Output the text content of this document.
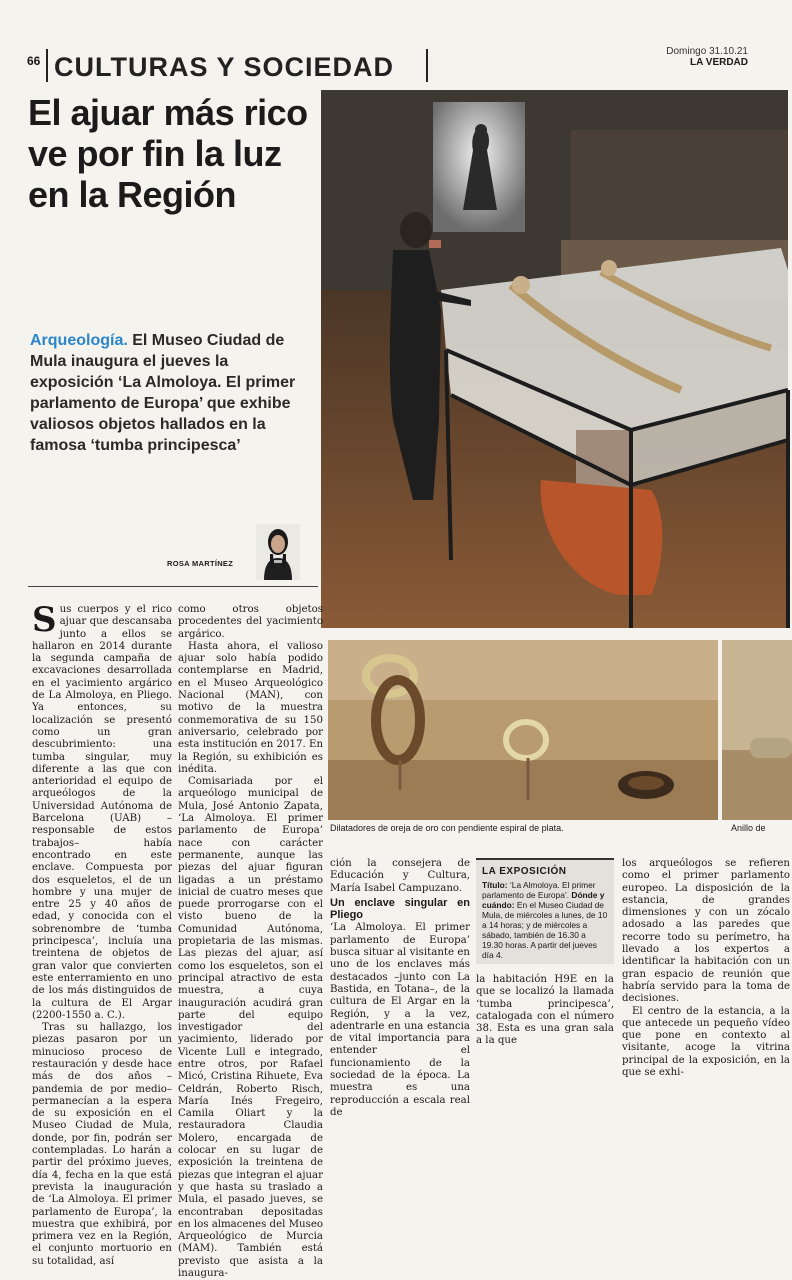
66 CULTURAS Y SOCIEDAD
Domingo 31.10.21
LA VERDAD
El ajuar más rico ve por fin la luz en la Región
Arqueología. El Museo Ciudad de Mula inaugura el jueves la exposición ‘La Almoloya. El primer parlamento de Europa’ que exhibe valiosos objetos hallados en la famosa ‘tumba principesca’
ROSA MARTÍNEZ
Dilatadores de oreja de oro con pendiente espiral de plata.	Anillo de

Sus cuerpos y el rico ajuar que descansaba junto a ellos se hallaron en 2014 durante la segunda campaña de excavaciones desarrollada en el yacimiento argárico de La Almoloya, en Pliego. Ya entonces, su localización se presentó como un gran descubrimiento: una tumba singular, muy diferente a las que con anterioridad el equipo de arqueólogos de la Universidad Autónoma de Barcelona (UAB) –responsable de estos trabajos– había encontrado en este enclave. Compuesta por dos esqueletos, el de un hombre y una mujer de entre 25 y 40 años de edad, y conocida con el sobrenombre de ‘tumba principesca’, incluía una treintena de objetos de gran valor que convierten este enterramiento en uno de los más distinguidos de la cultura de El Argar (2200-1550 a. C.).

Tras su hallazgo, los piezas pasaron por un minucioso proceso de restauración y desde hace más de dos años –pandemia de por medio– permanecían a la espera de su exposición en el Museo Ciudad de Mula, donde, por fin, podrán ser contempladas. Lo harán a partir del próximo jueves, día 4, fecha en la que está prevista la inauguración de ‘La Almoloya. El primer parlamento de Europa’, la muestra que exhibirá, por primera vez en la Región, el conjunto mortuorio en su totalidad, así

como otros objetos procedentes del yacimiento argárico.

Hasta ahora, el valioso ajuar solo había podido contemplarse en Madrid, en el Museo Arqueológico Nacional (MAN), con motivo de la muestra conmemorativa de su 150 aniversario, celebrado por esta institución en 2017. En la Región, su exhibición es inédita.

Comisariada por el arqueólogo municipal de Mula, José Antonio Zapata, ‘La Almoloya. El primer parlamento de Europa’ nace con carácter permanente, aunque las piezas del ajuar figuran ligadas a un préstamo inicial de cuatro meses que puede prorrogarse con el visto bueno de la Comunidad Autónoma, propietaria de las mismas. Las piezas del ajuar, así como los esqueletos, son el principal atractivo de esta muestra, a cuya inauguración acudirá gran parte del equipo investigador del yacimiento, liderado por Vicente Lull e integrado, entre otros, por Rafael Micó, Cristina Rihuete, Eva Celdrán, Roberto Risch, María Inés Fregeiro, Camila Oliart y la restauradora Claudia Molero, encargada de colocar en su lugar de exposición la treintena de piezas que integran el ajuar y que hasta su traslado a Mula, el pasado jueves, se encontraban depositadas en los almacenes del Museo Arqueológico de Murcia (MAM). También está previsto que asista a la inaugura-

ción la consejera de Educación y Cultura, María Isabel Campuzano.

Un enclave singular en Pliego

‘La Almoloya. El primer parlamento de Europa’ busca situar al visitante en uno de los enclaves más destacados –junto con La Bastida, en Totana–, de la cultura de El Argar en la Región, y a la vez, adentrarle en una estancia de vital importancia para entender el funcionamiento de la sociedad de la época. La muestra es una reproducción a escala real de

LA EXPOSICIÓN
Título: ‘La Almoloya. El primer parlamento de Europa’. Dónde y cuándo: En el Museo Ciudad de Mula, de miércoles a lunes, de 10 a 14 horas; y de miércoles a sábado, también de 16.30 a 19.30 horas. A partir del jueves día 4.

la habitación H9E en la que se localizó la llamada ‘tumba principesca’, catalogada con el número 38. Esta es una gran sala a la que

los arqueólogos se refieren como el primer parlamento europeo. La disposición de la estancia, de grandes dimensiones y con un zócalo adosado a las paredes que recorre todo su perímetro, ha llevado a los expertos a identificar la habitación con un gran espacio de reunión que habría servido para la toma de decisiones.

El centro de la estancia, a la que antecede un pequeño vídeo que pone en contexto al visitante, acoge la vitrina principal de la exposición, en la que se exhi-
